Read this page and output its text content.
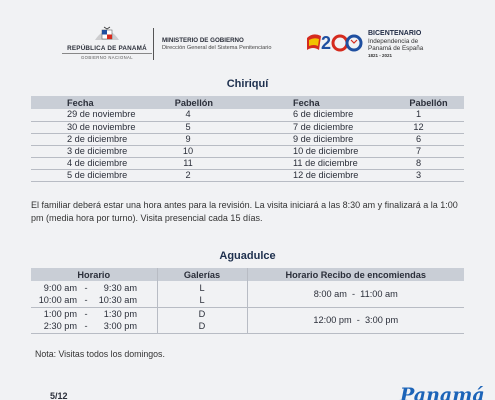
REPÚBLICA DE PANAMÁ
GOBIERNO NACIONAL
MINISTERIO DE GOBIERNO
Dirección General del Sistema Penitenciario	2	BICENTENARIO
Independencia de
Panamá de España
1821 - 2021
Chiriquí
Fecha	Pabellón	Fecha	Pabellón
29 de noviembre	4	6 de diciembre	1
30 de noviembre	5	7 de diciembre	12
2 de diciembre	9	9 de diciembre	6
3 de diciembre	10	10 de diciembre	7
4 de diciembre	11	11 de diciembre	8
5 de diciembre	2	12 de diciembre	3
El familiar deberá estar una hora antes para la revisión. La visita iniciará a las 8:30 am y finalizará a la 1:00 pm (media hora por turno). Visita presencial cada 15 días.
Aguadulce
Horario	Galerías	Horario Recibo de encomiendas
9:00 am - 9:30 am	L	8:00 am - 11:00 am
10:00 am - 10:30 am	L	
1:00 pm - 1:30 pm	D	12:00 pm - 3:00 pm
2:30 pm - 3:00 pm	D	
Nota: Visitas todos los domingos.
5/12	Panamá
